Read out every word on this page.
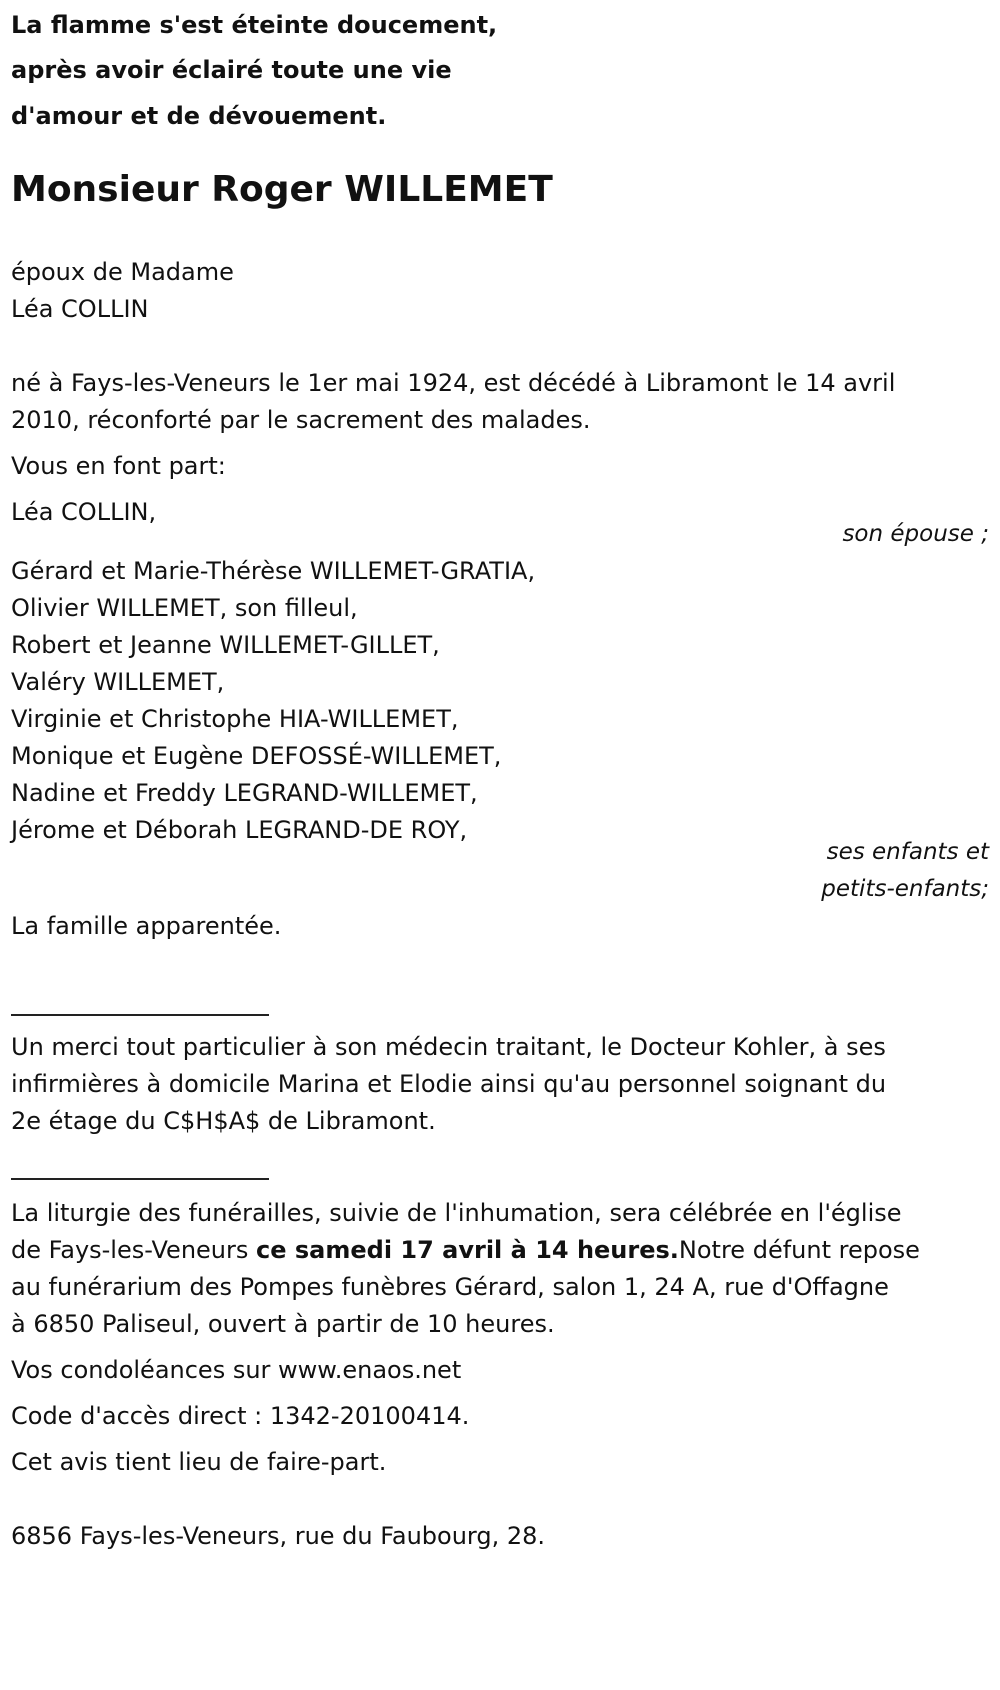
La flamme s'est éteinte doucement,
après avoir éclairé toute une vie
d'amour et de dévouement.
Monsieur Roger WILLEMET
époux de Madame
Léa COLLIN
né à Fays-les-Veneurs le 1er mai 1924, est décédé à Libramont le 14 avril
2010, réconforté par le sacrement des malades.
Vous en font part:
Léa COLLIN,
son épouse ;
Gérard et Marie-Thérèse WILLEMET-GRATIA,
Olivier WILLEMET, son filleul,
Robert et Jeanne WILLEMET-GILLET,
Valéry WILLEMET,
Virginie et Christophe HIA-WILLEMET,
Monique et Eugène DEFOSSÉ-WILLEMET,
Nadine et Freddy LEGRAND-WILLEMET,
Jérome et Déborah LEGRAND-DE ROY,
ses enfants et
petits-enfants;
La famille apparentée.
Un merci tout particulier à son médecin traitant, le Docteur Kohler, à ses
infirmières à domicile Marina et Elodie ainsi qu'au personnel soignant du
2e étage du C$H$A$ de Libramont.
La liturgie des funérailles, suivie de l'inhumation, sera célébrée en l'église
de Fays-les-Veneurs ce samedi 17 avril à 14 heures.Notre défunt repose
au funérarium des Pompes funèbres Gérard, salon 1, 24 A, rue d'Offagne
à 6850 Paliseul, ouvert à partir de 10 heures.
Vos condoléances sur www.enaos.net
Code d'accès direct : 1342-20100414.
Cet avis tient lieu de faire-part.
6856 Fays-les-Veneurs, rue du Faubourg, 28.
